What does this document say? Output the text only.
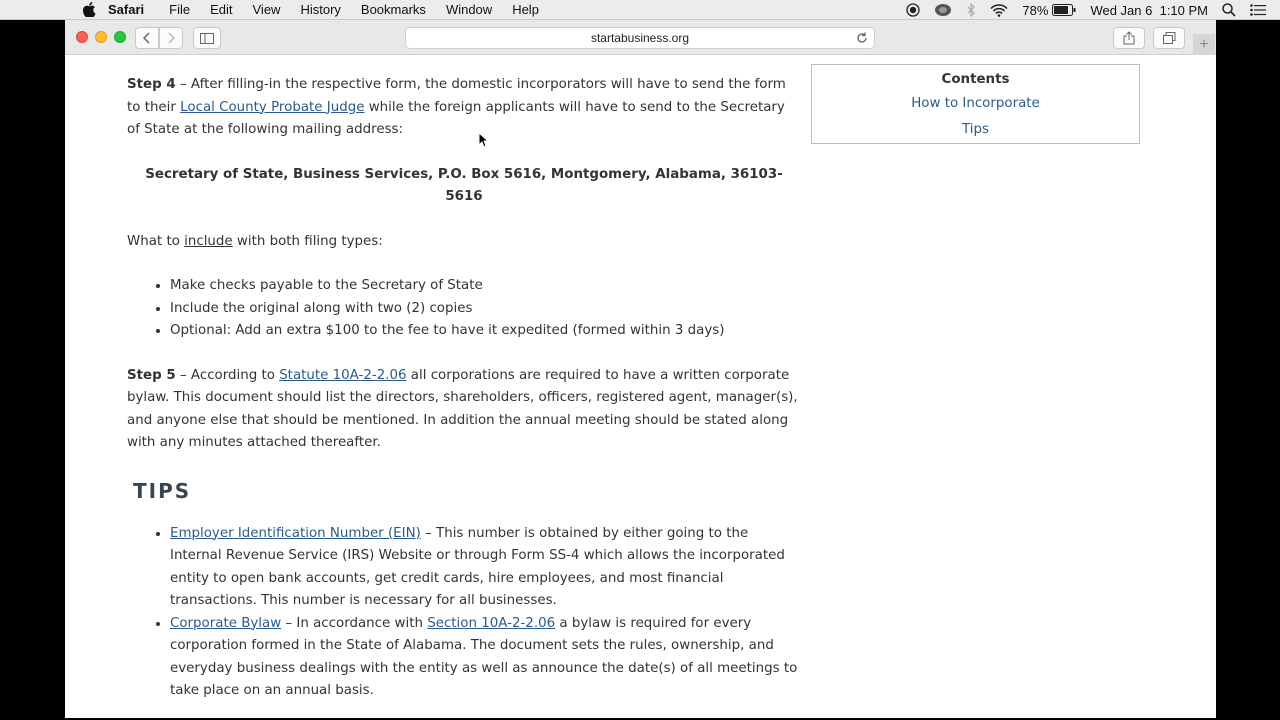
Safari File Edit View History Bookmarks Window Help	78%	Wed Jan 6  1:10 PM
startabusiness.org	+

Step 4 – After filling-in the respective form, the domestic incorporators will have to send the form to their Local County Probate Judge while the foreign applicants will have to send to the Secretary of State at the following mailing address:

Secretary of State, Business Services, P.O. Box 5616, Montgomery, Alabama, 36103-5616

What to include with both filing types:

• Make checks payable to the Secretary of State
• Include the original along with two (2) copies
• Optional: Add an extra $100 to the fee to have it expedited (formed within 3 days)

Step 5 – According to Statute 10A-2-2.06 all corporations are required to have a written corporate bylaw. This document should list the directors, shareholders, officers, registered agent, manager(s), and anyone else that should be mentioned. In addition the annual meeting should be stated along with any minutes attached thereafter.

TIPS
• Employer Identification Number (EIN) – This number is obtained by either going to the Internal Revenue Service (IRS) Website or through Form SS-4 which allows the incorporated entity to open bank accounts, get credit cards, hire employees, and most financial transactions. This number is necessary for all businesses.
• Corporate Bylaw – In accordance with Section 10A-2-2.06 a bylaw is required for every corporation formed in the State of Alabama. The document sets the rules, ownership, and everyday business dealings with the entity as well as announce the date(s) of all meetings to take place on an annual basis.
Contents
How to Incorporate
Tips
